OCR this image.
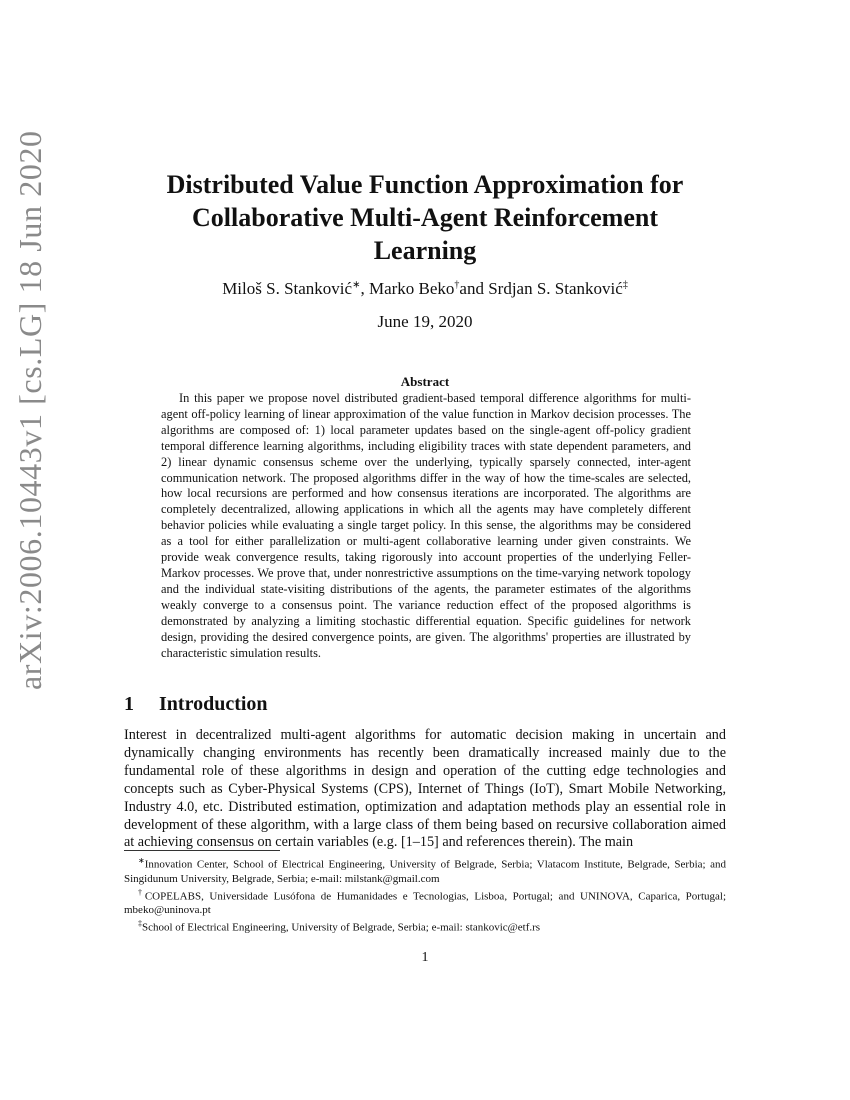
arXiv:2006.10443v1 [cs.LG] 18 Jun 2020	Distributed Value Function Approximation for
Collaborative Multi-Agent Reinforcement
Learning
Miloš S. Stanković∗, Marko Beko†and Srdjan S. Stanković‡
June 19, 2020
Abstract

In this paper we propose novel distributed gradient-based temporal difference algorithms for multi-agent off-policy learning of linear approximation of the value function in Markov decision processes. The algorithms are composed of: 1) local parameter updates based on the single-agent off-policy gradient temporal difference learning algorithms, including eligibility traces with state dependent parameters, and 2) linear dynamic consensus scheme over the underlying, typically sparsely connected, inter-agent communication network. The proposed algorithms differ in the way of how the time-scales are selected, how local recursions are performed and how consensus iterations are incorporated. The algorithms are completely decentralized, allowing applications in which all the agents may have completely different behavior policies while evaluating a single target policy. In this sense, the algorithms may be considered as a tool for either parallelization or multi-agent collaborative learning under given constraints. We provide weak convergence results, taking rigorously into account properties of the underlying Feller-Markov processes. We prove that, under nonrestrictive assumptions on the time-varying network topology and the individual state-visiting distributions of the agents, the parameter estimates of the algorithms weakly converge to a consensus point. The variance reduction effect of the proposed algorithms is demonstrated by analyzing a limiting stochastic differential equation. Specific guidelines for network design, providing the desired convergence points, are given. The algorithms' properties are illustrated by characteristic simulation results.

1 Introduction

Interest in decentralized multi-agent algorithms for automatic decision making in uncertain and dynamically changing environments has recently been dramatically increased mainly due to the fundamental role of these algorithms in design and operation of the cutting edge technologies and concepts such as Cyber-Physical Systems (CPS), Internet of Things (IoT), Smart Mobile Networking, Industry 4.0, etc. Distributed estimation, optimization and adaptation methods play an essential role in development of these algorithm, with a large class of them being based on recursive collaboration aimed at achieving consensus on certain variables (e.g. [1–15] and references therein). The main

∗Innovation Center, School of Electrical Engineering, University of Belgrade, Serbia; Vlatacom Institute, Belgrade, Serbia; and Singidunum University, Belgrade, Serbia; e-mail: milstank@gmail.com

†COPELABS, Universidade Lusófona de Humanidades e Tecnologias, Lisboa, Portugal; and UNINOVA, Caparica, Portugal; mbeko@uninova.pt

‡School of Electrical Engineering, University of Belgrade, Serbia; e-mail: stankovic@etf.rs

1
